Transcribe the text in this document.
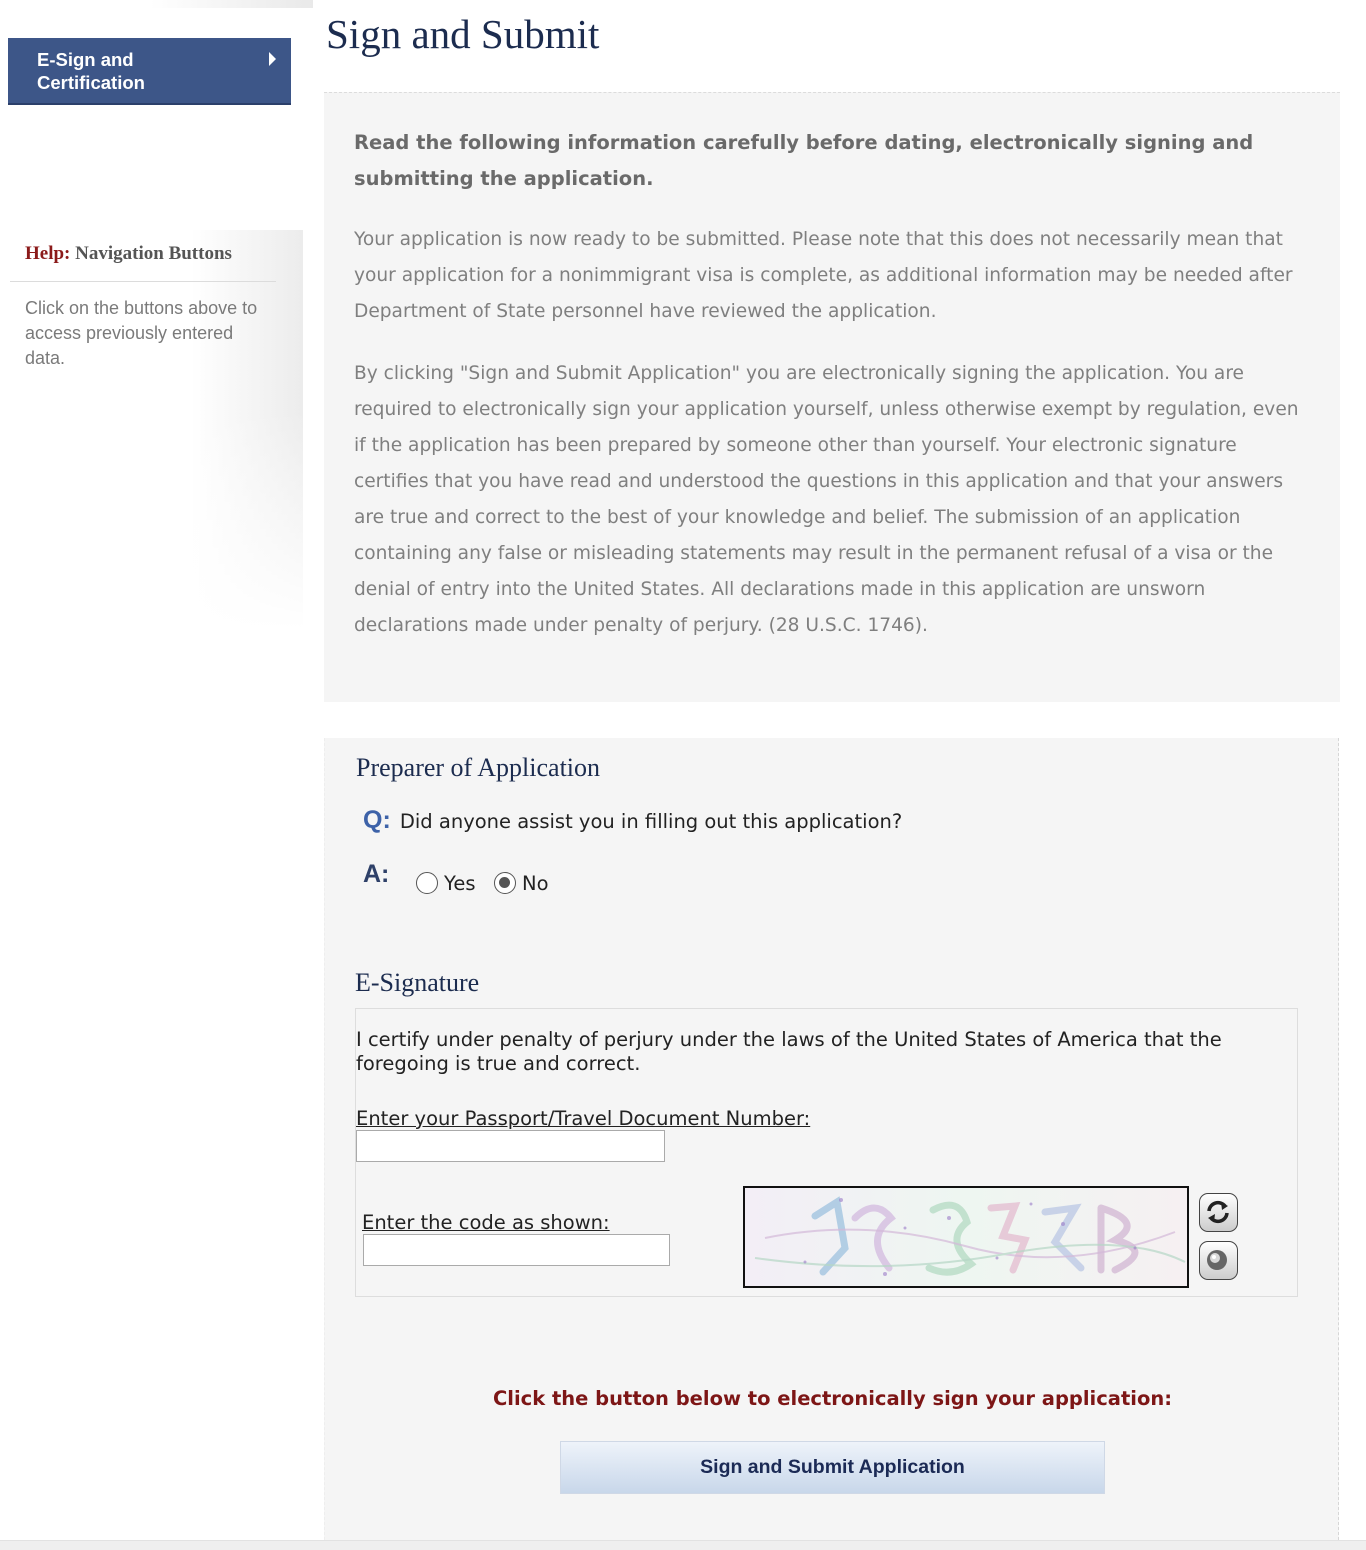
E-Sign and Certification
Help: Navigation Buttons
Click on the buttons above to access previously entered data.
Sign and Submit

Read the following information carefully before dating, electronically signing and submitting the application.

Your application is now ready to be submitted. Please note that this does not necessarily mean that your application for a nonimmigrant visa is complete, as additional information may be needed after Department of State personnel have reviewed the application.

By clicking "Sign and Submit Application" you are electronically signing the application. You are required to electronically sign your application yourself, unless otherwise exempt by regulation, even if the application has been prepared by someone other than yourself. Your electronic signature certifies that you have read and understood the questions in this application and that your answers are true and correct to the best of your knowledge and belief. The submission of an application containing any false or misleading statements may result in the permanent refusal of a visa or the denial of entry into the United States. All declarations made in this application are unsworn declarations made under penalty of perjury. (28 U.S.C. 1746).

Preparer of Application
Q: Did anyone assist you in filling out this application?
A:	Yes No
E-Signature
I certify under penalty of perjury under the laws of the United States of America that the foregoing is true and correct.
Enter your Passport/Travel Document Number:
Enter the code as shown:
Click the button below to electronically sign your application:
Sign and Submit Application
